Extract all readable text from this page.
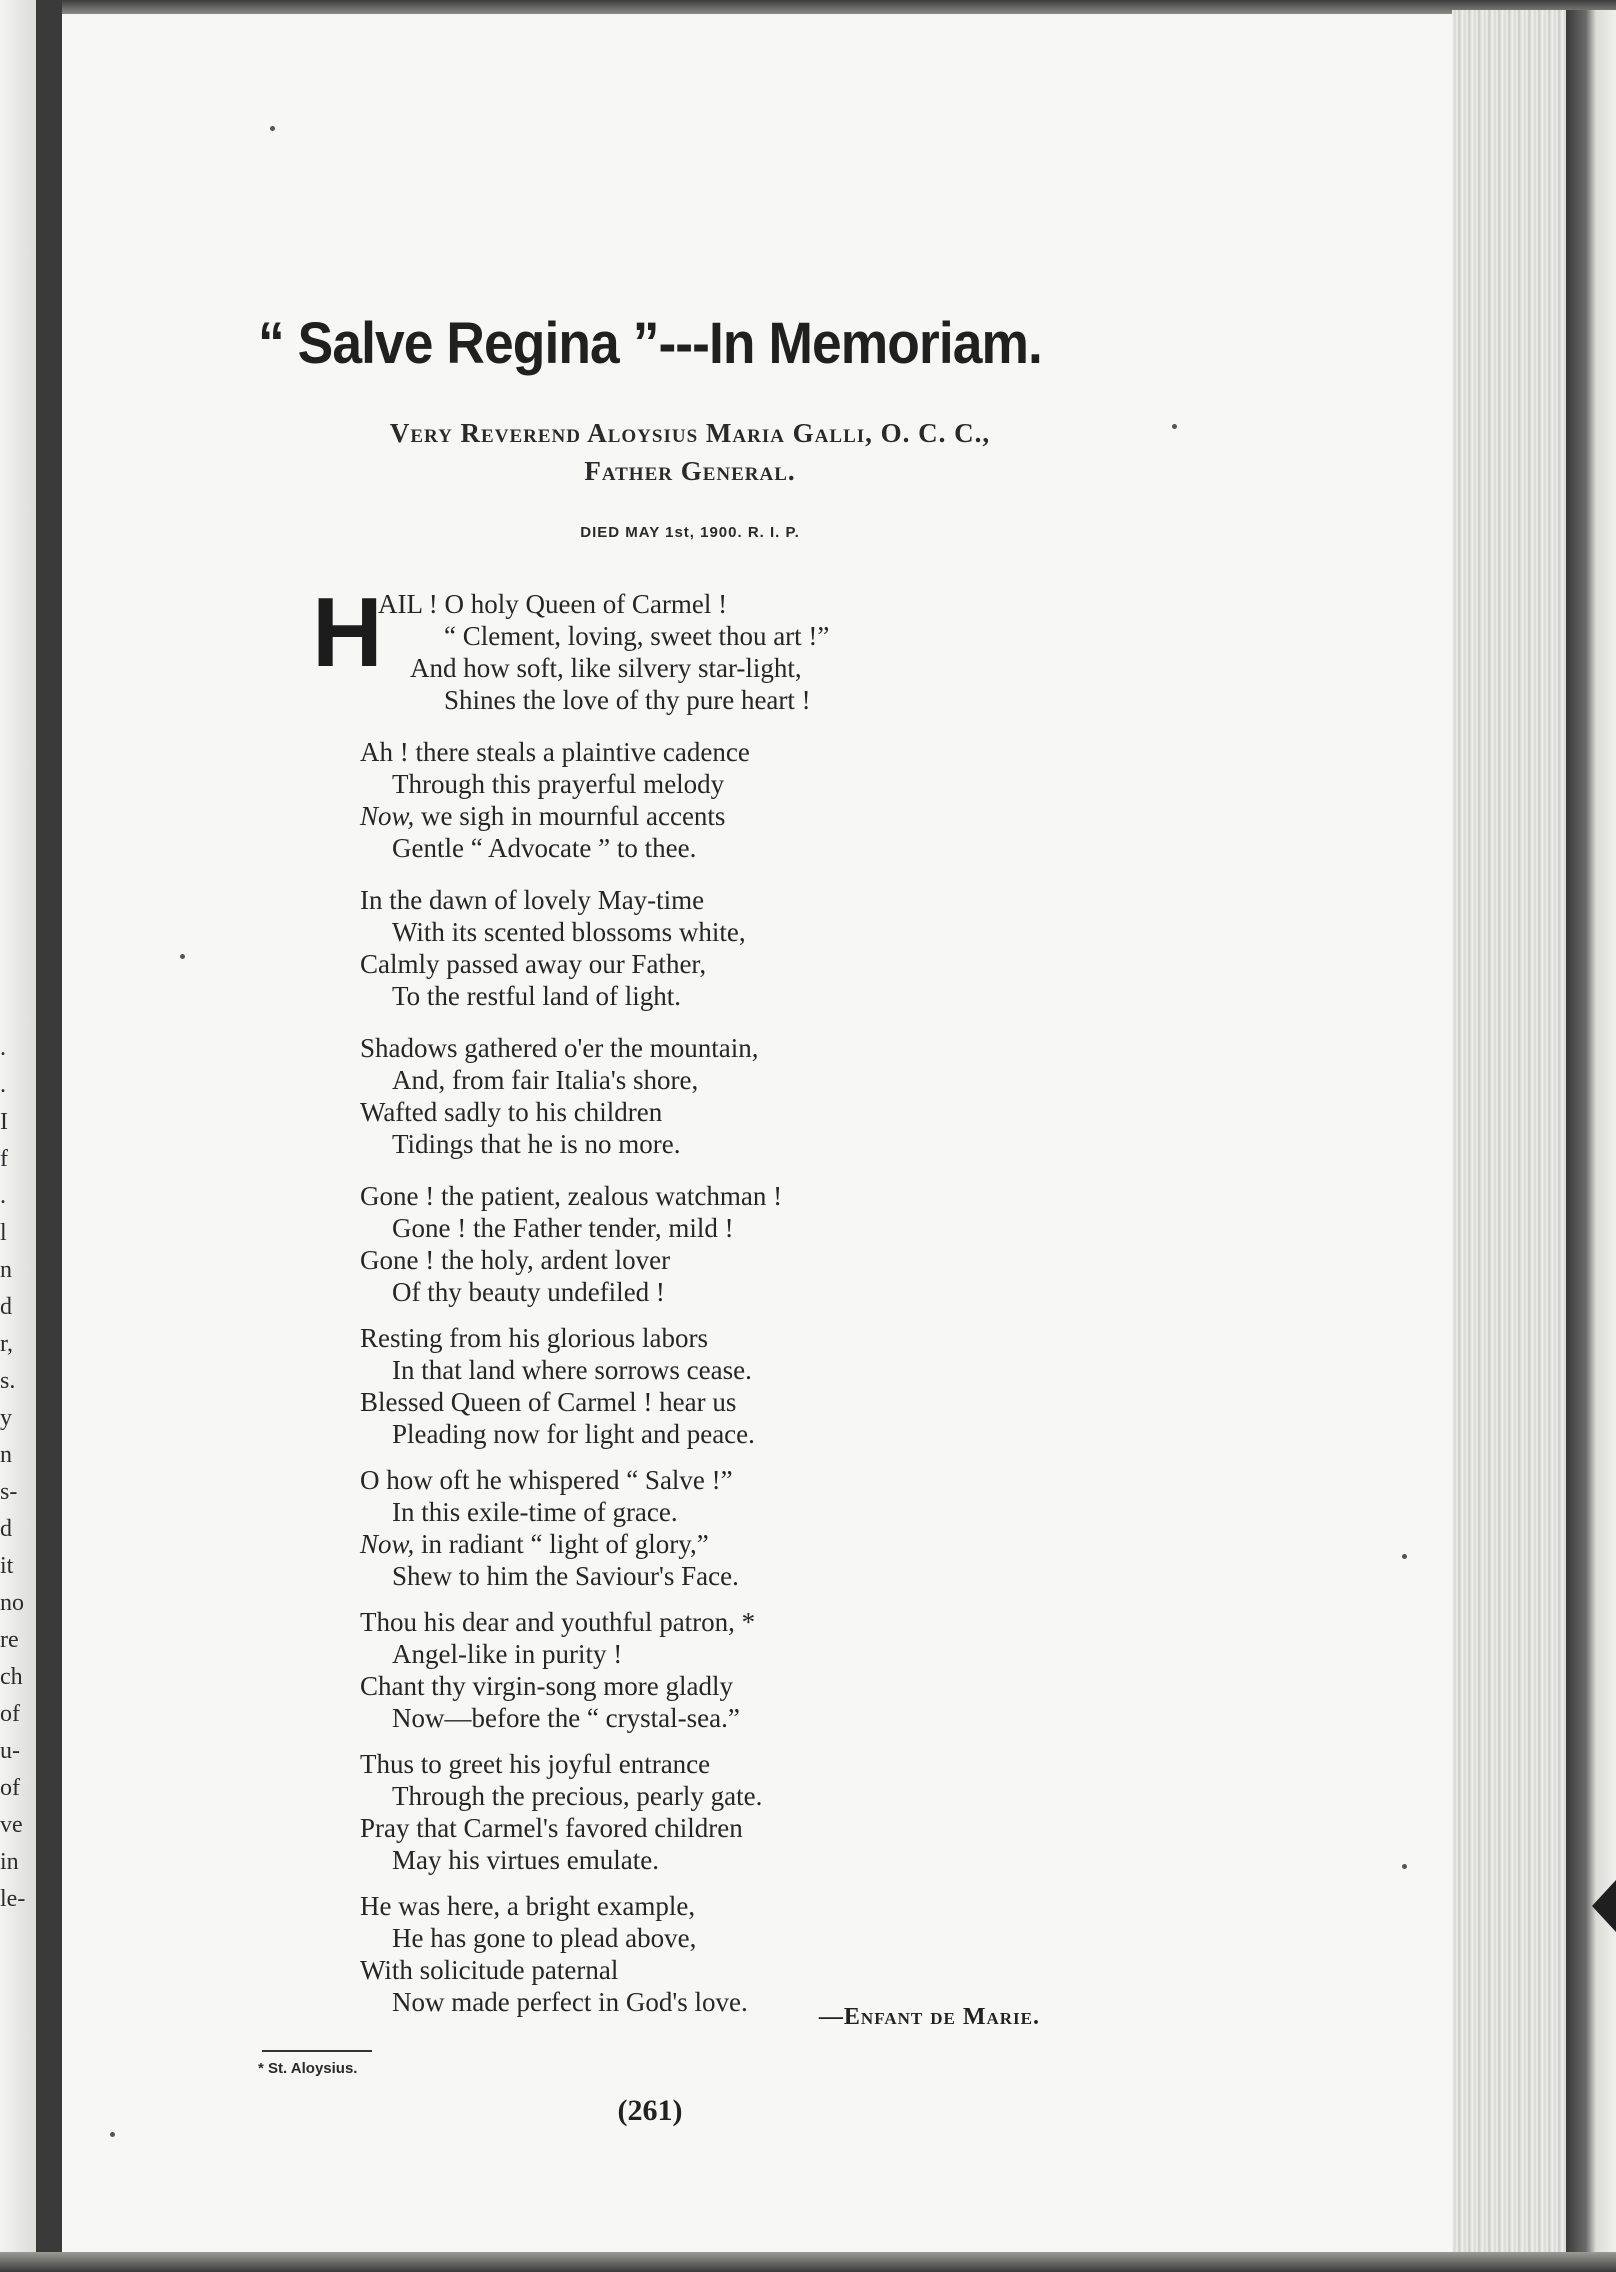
.
.
I
f
.
l
n
d
r,
s.
y
n
s-
d
it
no
re
ch
of
u-
of
ve
in
le-
“ Salve Regina ”---In Memoriam.
Very Reverend Aloysius Maria Galli, O. C. C.,
Father General.
DIED MAY 1st, 1900. R. I. P.
H
AIL ! O holy Queen of Carmel !
“ Clement, loving, sweet thou art !”
And how soft, like silvery star-light,
Shines the love of thy pure heart !
Ah ! there steals a plaintive cadence
Through this prayerful melody
Now, we sigh in mournful accents
Gentle “ Advocate ” to thee.
In the dawn of lovely May-time
With its scented blossoms white,
Calmly passed away our Father,
To the restful land of light.
Shadows gathered o'er the mountain,
And, from fair Italia's shore,
Wafted sadly to his children
Tidings that he is no more.
Gone ! the patient, zealous watchman !
Gone ! the Father tender, mild !
Gone ! the holy, ardent lover
Of thy beauty undefiled !
Resting from his glorious labors
In that land where sorrows cease.
Blessed Queen of Carmel ! hear us
Pleading now for light and peace.
O how oft he whispered “ Salve !”
In this exile-time of grace.
Now, in radiant “ light of glory,”
Shew to him the Saviour's Face.
Thou his dear and youthful patron, *
Angel-like in purity !
Chant thy virgin-song more gladly
Now—before the “ crystal-sea.”
Thus to greet his joyful entrance
Through the precious, pearly gate.
Pray that Carmel's favored children
May his virtues emulate.
He was here, a bright example,
He has gone to plead above,
With solicitude paternal
Now made perfect in God's love.	—Enfant de Marie.
* St. Aloysius.
(261)
